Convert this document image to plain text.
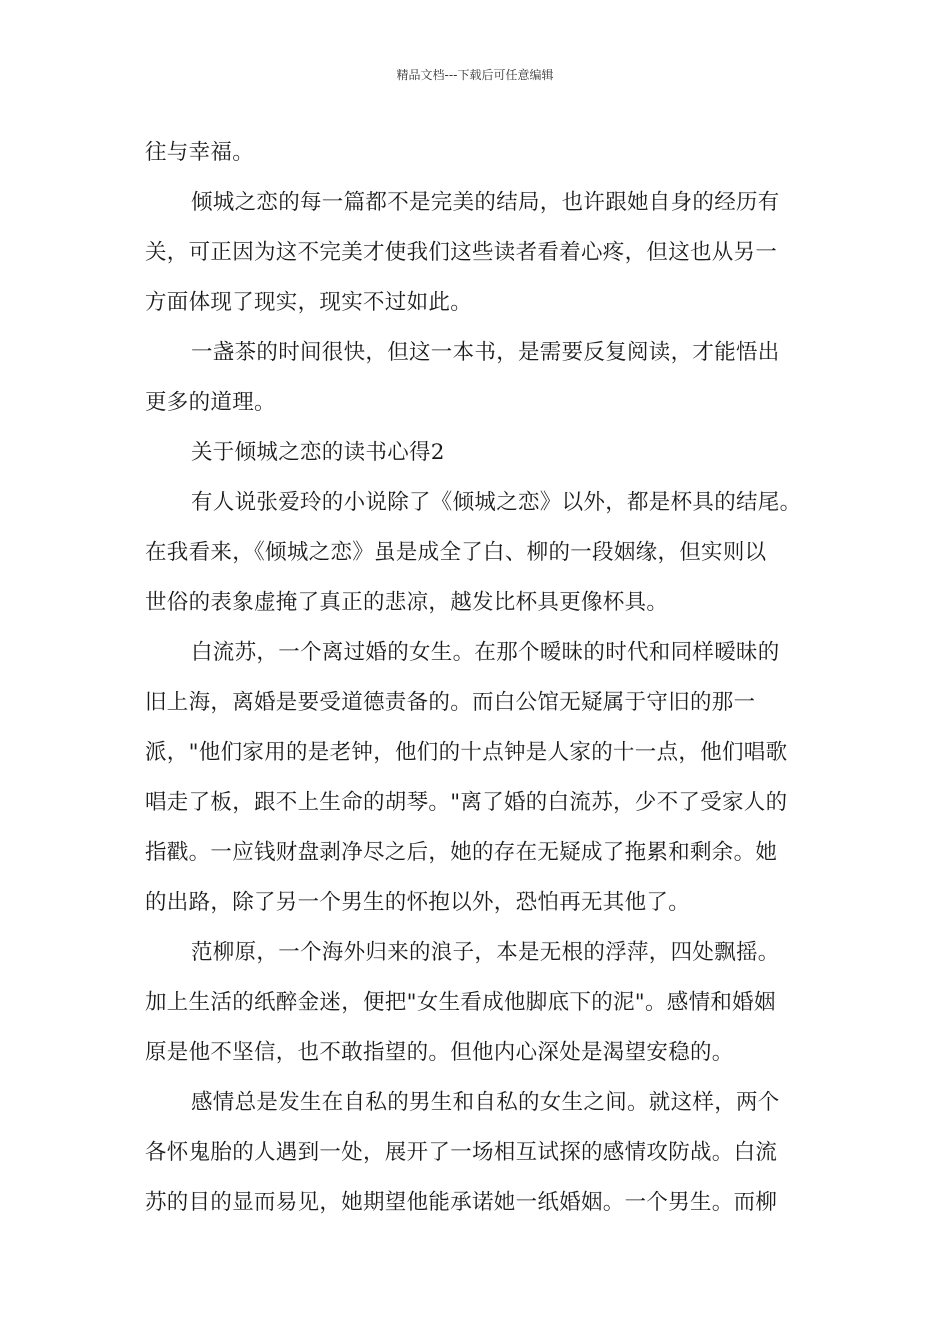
精品文档---下载后可任意编辑
往与幸福。
倾城之恋的每一篇都不是完美的结局，也许跟她自身的经历有
关，可正因为这不完美才使我们这些读者看着心疼，但这也从另一
方面体现了现实，现实不过如此。
一盏茶的时间很快，但这一本书，是需要反复阅读，才能悟出
更多的道理。
关于倾城之恋的读书心得2
有人说张爱玲的小说除了《倾城之恋》以外，都是杯具的结尾。
在我看来，《倾城之恋》虽是成全了白、柳的一段姻缘，但实则以
世俗的表象虚掩了真正的悲凉，越发比杯具更像杯具。
白流苏，一个离过婚的女生。在那个暧昧的时代和同样暧昧的
旧上海，离婚是要受道德责备的。而白公馆无疑属于守旧的那一
派，"他们家用的是老钟，他们的十点钟是人家的十一点，他们唱歌
唱走了板，跟不上生命的胡琴。"离了婚的白流苏，少不了受家人的
指戳。一应钱财盘剥净尽之后，她的存在无疑成了拖累和剩余。她
的出路，除了另一个男生的怀抱以外，恐怕再无其他了。
范柳原，一个海外归来的浪子，本是无根的浮萍，四处飘摇。
加上生活的纸醉金迷，便把"女生看成他脚底下的泥"。感情和婚姻
原是他不坚信，也不敢指望的。但他内心深处是渴望安稳的。
感情总是发生在自私的男生和自私的女生之间。就这样，两个
各怀鬼胎的人遇到一处，展开了一场相互试探的感情攻防战。白流
苏的目的显而易见，她期望他能承诺她一纸婚姻。一个男生。而柳
